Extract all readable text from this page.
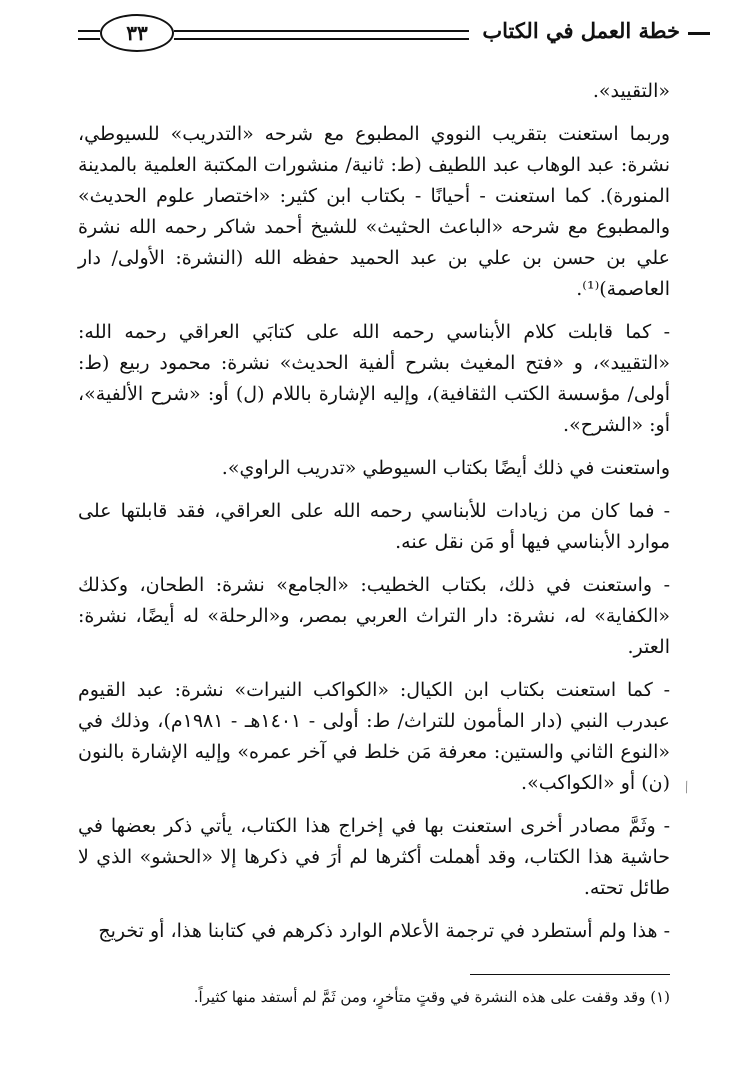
خطة العمل في الكتاب
٣٣

«التقييد».

وربما استعنت بتقريب النووي المطبوع مع شرحه «التدريب» للسيوطي، نشرة: عبد الوهاب عبد اللطيف (ط: ثانية/ منشورات المكتبة العلمية بالمدينة المنورة). كما استعنت - أحيانًا - بكتاب ابن كثير: «اختصار علوم الحديث» والمطبوع مع شرحه «الباعث الحثيث» للشيخ أحمد شاكر رحمه الله نشرة علي بن حسن بن علي بن عبد الحميد حفظه الله (النشرة: الأولى/ دار العاصمة)⁽¹⁾.

- كما قابلت كلام الأبناسي رحمه الله على كتابَي العراقي رحمه الله: «التقييد»، و «فتح المغيث بشرح ألفية الحديث» نشرة: محمود ربيع (ط: أولى/ مؤسسة الكتب الثقافية)، وإليه الإشارة باللام (ل) أو: «شرح الألفية»، أو: «الشرح».

واستعنت في ذلك أيضًا بكتاب السيوطي «تدريب الراوي».

- فما كان من زيادات للأبناسي رحمه الله على العراقي، فقد قابلتها على موارد الأبناسي فيها أو مَن نقل عنه.

- واستعنت في ذلك، بكتاب الخطيب: «الجامع» نشرة: الطحان، وكذلك «الكفاية» له، نشرة: دار التراث العربي بمصر، و«الرحلة» له أيضًا، نشرة: العتر.

- كما استعنت بكتاب ابن الكيال: «الكواكب النيرات» نشرة: عبد القيوم عبدرب النبي (دار المأمون للتراث/ ط: أولى - ١٤٠١هـ - ١٩٨١م)، وذلك في «النوع الثاني والستين: معرفة مَن خلط في آخر عمره» وإليه الإشارة بالنون (ن) أو «الكواكب».

- وثَمَّ مصادر أخرى استعنت بها في إخراج هذا الكتاب، يأتي ذكر بعضها في حاشية هذا الكتاب، وقد أهملت أكثرها لم أرَ في ذكرها إلا «الحشو» الذي لا طائل تحته.

- هذا ولم أستطرد في ترجمة الأعلام الوارد ذكرهم في كتابنا هذا، أو تخريج

⁄
(١) وقد وقفت على هذه النشرة في وقتٍ متأخرٍ، ومن ثَمَّ لم أستفد منها كثيراً.
